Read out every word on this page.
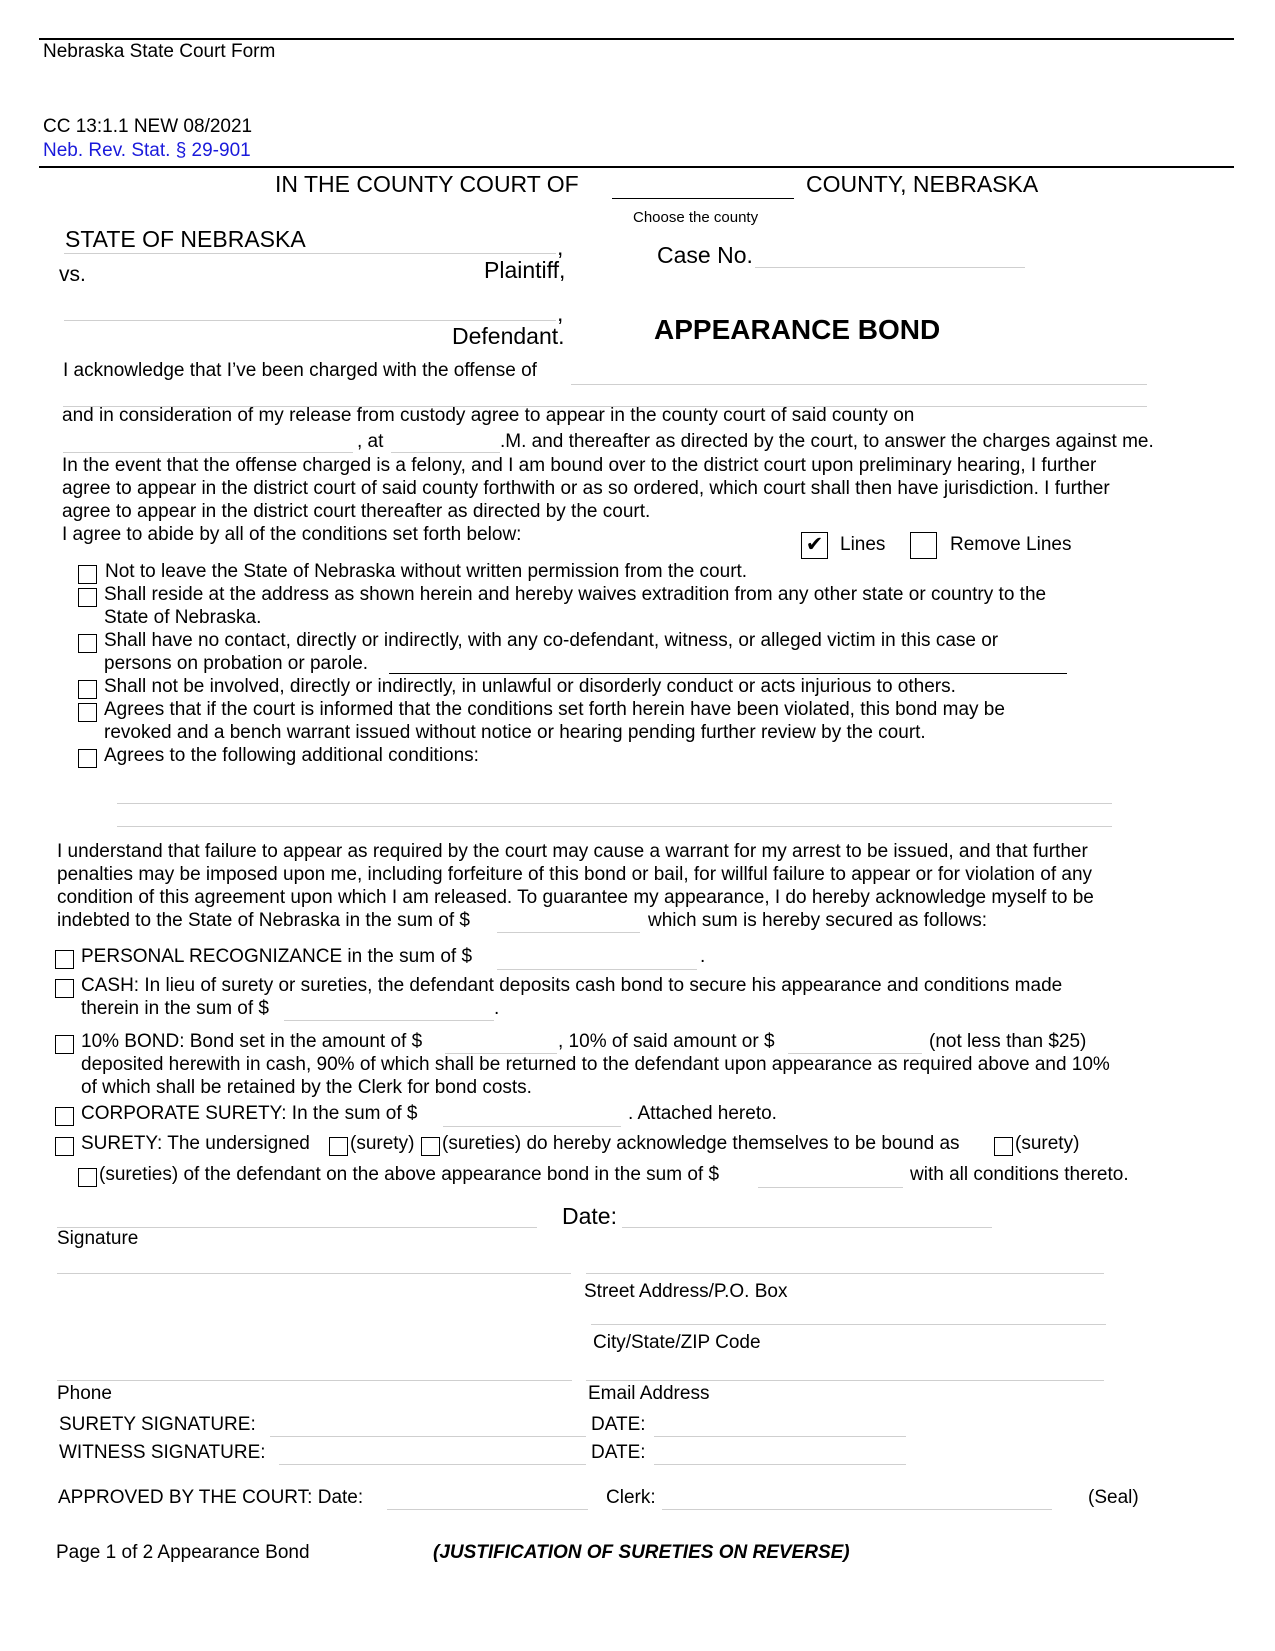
Nebraska State Court Form
CC 13:1.1 NEW 08/2021
Neb. Rev. Stat. § 29-901
IN THE COUNTY COURT OF	COUNTY, NEBRASKA
Choose the county
STATE OF NEBRASKA	,
Plaintiff,
vs.
Case No.
,
Defendant.	APPEARANCE BOND
I acknowledge that I’ve been charged with the offense of
and in consideration of my release from custody agree to appear in the county court of said county on
, at	.M. and thereafter as directed by the court, to answer the charges against me.
In the event that the offense charged is a felony, and I am bound over to the district court upon preliminary hearing, I further
agree to appear in the district court of said county forthwith or as so ordered, which court shall then have jurisdiction. I further
agree to appear in the district court thereafter as directed by the court.
I agree to abide by all of the conditions set forth below:	✔ Lines	Remove Lines
Not to leave the State of Nebraska without written permission from the court.
Shall reside at the address as shown herein and hereby waives extradition from any other state or country to the
State of Nebraska.
Shall have no contact, directly or indirectly, with any co-defendant, witness, or alleged victim in this case or
persons on probation or parole.
Shall not be involved, directly or indirectly, in unlawful or disorderly conduct or acts injurious to others.
Agrees that if the court is informed that the conditions set forth herein have been violated, this bond may be
revoked and a bench warrant issued without notice or hearing pending further review by the court.
Agrees to the following additional conditions:
I understand that failure to appear as required by the court may cause a warrant for my arrest to be issued, and that further
penalties may be imposed upon me, including forfeiture of this bond or bail, for willful failure to appear or for violation of any
condition of this agreement upon which I am released. To guarantee my appearance, I do hereby acknowledge myself to be
indebted to the State of Nebraska in the sum of $	which sum is hereby secured as follows:
PERSONAL RECOGNIZANCE in the sum of $	.
CASH: In lieu of surety or sureties, the defendant deposits cash bond to secure his appearance and conditions made
therein in the sum of $	.
10% BOND: Bond set in the amount of $	, 10% of said amount or $	(not less than $25)
deposited herewith in cash, 90% of which shall be returned to the defendant upon appearance as required above and 10%
of which shall be retained by the Clerk for bond costs.
CORPORATE SURETY: In the sum of $	. Attached hereto.
SURETY: The undersigned (surety) (sureties) do hereby acknowledge themselves to be bound as	(surety)
(sureties) of the defendant on the above appearance bond in the sum of $	with all conditions thereto.
Date:
Signature
Street Address/P.O. Box
City/State/ZIP Code
Phone	Email Address
SURETY SIGNATURE:	DATE:
WITNESS SIGNATURE:	DATE:
APPROVED BY THE COURT: Date:	Clerk:	(Seal)
Page 1 of 2 Appearance Bond	(JUSTIFICATION OF SURETIES ON REVERSE)
